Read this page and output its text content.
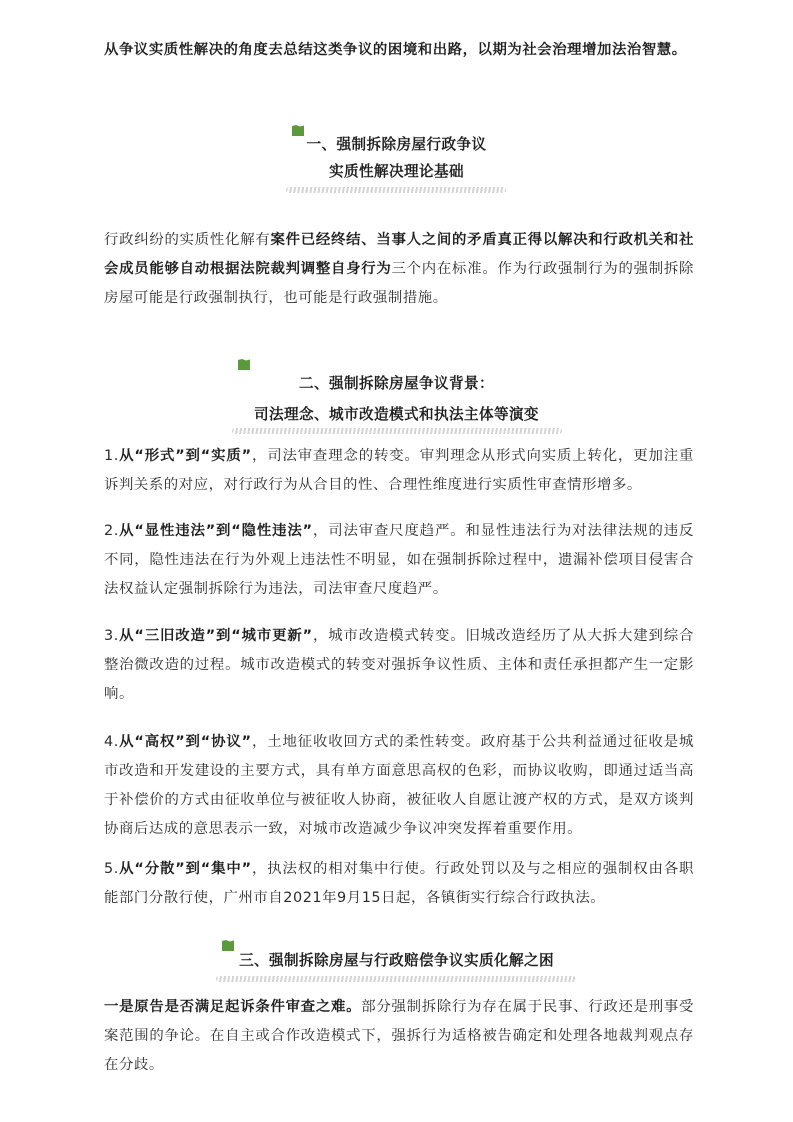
从争议实质性解决的角度去总结这类争议的困境和出路，以期为社会治理增加法治智慧。

一、强制拆除房屋行政争议
实质性解决理论基础

行政纠纷的实质性化解有案件已经终结、当事人之间的矛盾真正得以解决和行政机关和社会成员能够自动根据法院裁判调整自身行为三个内在标准。作为行政强制行为的强制拆除房屋可能是行政强制执行，也可能是行政强制措施。

二、强制拆除房屋争议背景：
司法理念、城市改造模式和执法主体等演变

1.从“形式”到“实质”，司法审查理念的转变。审判理念从形式向实质上转化，更加注重诉判关系的对应，对行政行为从合目的性、合理性维度进行实质性审查情形增多。

2.从“显性违法”到“隐性违法”，司法审查尺度趋严。和显性违法行为对法律法规的违反不同，隐性违法在行为外观上违法性不明显，如在强制拆除过程中，遗漏补偿项目侵害合法权益认定强制拆除行为违法，司法审查尺度趋严。

3.从“三旧改造”到“城市更新”，城市改造模式转变。旧城改造经历了从大拆大建到综合整治微改造的过程。城市改造模式的转变对强拆争议性质、主体和责任承担都产生一定影响。

4.从“高权”到“协议”，土地征收收回方式的柔性转变。政府基于公共利益通过征收是城市改造和开发建设的主要方式，具有单方面意思高权的色彩，而协议收购，即通过适当高于补偿价的方式由征收单位与被征收人协商，被征收人自愿让渡产权的方式，是双方谈判协商后达成的意思表示一致，对城市改造减少争议冲突发挥着重要作用。

5.从“分散”到“集中”，执法权的相对集中行使。行政处罚以及与之相应的强制权由各职能部门分散行使，广州市自2021年9月15日起，各镇街实行综合行政执法。

三、强制拆除房屋与行政赔偿争议实质化解之困

一是原告是否满足起诉条件审查之难。部分强制拆除行为存在属于民事、行政还是刑事受案范围的争论。在自主或合作改造模式下，强拆行为适格被告确定和处理各地裁判观点存在分歧。
